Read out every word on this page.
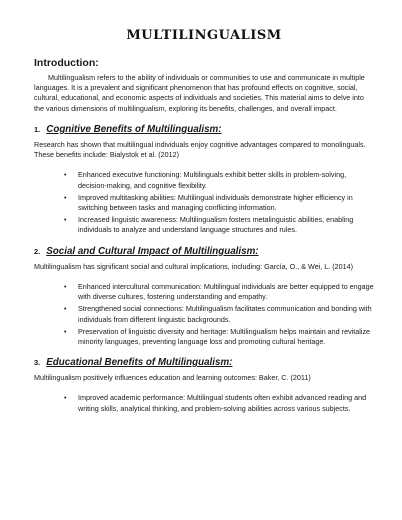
MULTILINGUALISM
Introduction:

Multilingualism refers to the ability of individuals or communities to use and communicate in multiple languages. It is a prevalent and significant phenomenon that has profound effects on cognitive, social, cultural, educational, and economic aspects of individuals and societies. This material aims to delve into the various dimensions of multilingualism, exploring its benefits, challenges, and overall impact.

1. Cognitive Benefits of Multilingualism:

Research has shown that multilingual individuals enjoy cognitive advantages compared to monolinguals. These benefits include: Bialystok et al. (2012)

• Enhanced executive functioning: Multilinguals exhibit better skills in problem-solving, decision-making, and cognitive flexibility.
• Improved multitasking abilities: Multilingual individuals demonstrate higher efficiency in switching between tasks and managing conflicting information.
• Increased linguistic awareness: Multilingualism fosters metalinguistic abilities, enabling individuals to analyze and understand language structures and rules.
2. Social and Cultural Impact of Multilingualism:

Multilingualism has significant social and cultural implications, including: García, O., & Wei, L. (2014)

• Enhanced intercultural communication: Multilingual individuals are better equipped to engage with diverse cultures, fostering understanding and empathy.
• Strengthened social connections: Multilingualism facilitates communication and bonding with individuals from different linguistic backgrounds.
• Preservation of linguistic diversity and heritage: Multilingualism helps maintain and revitalize minority languages, preventing language loss and promoting cultural heritage.
3. Educational Benefits of Multilingualism:

Multilingualism positively influences education and learning outcomes: Baker, C. (2011)

• Improved academic performance: Multilingual students often exhibit advanced reading and writing skills, analytical thinking, and problem-solving abilities across various subjects.
